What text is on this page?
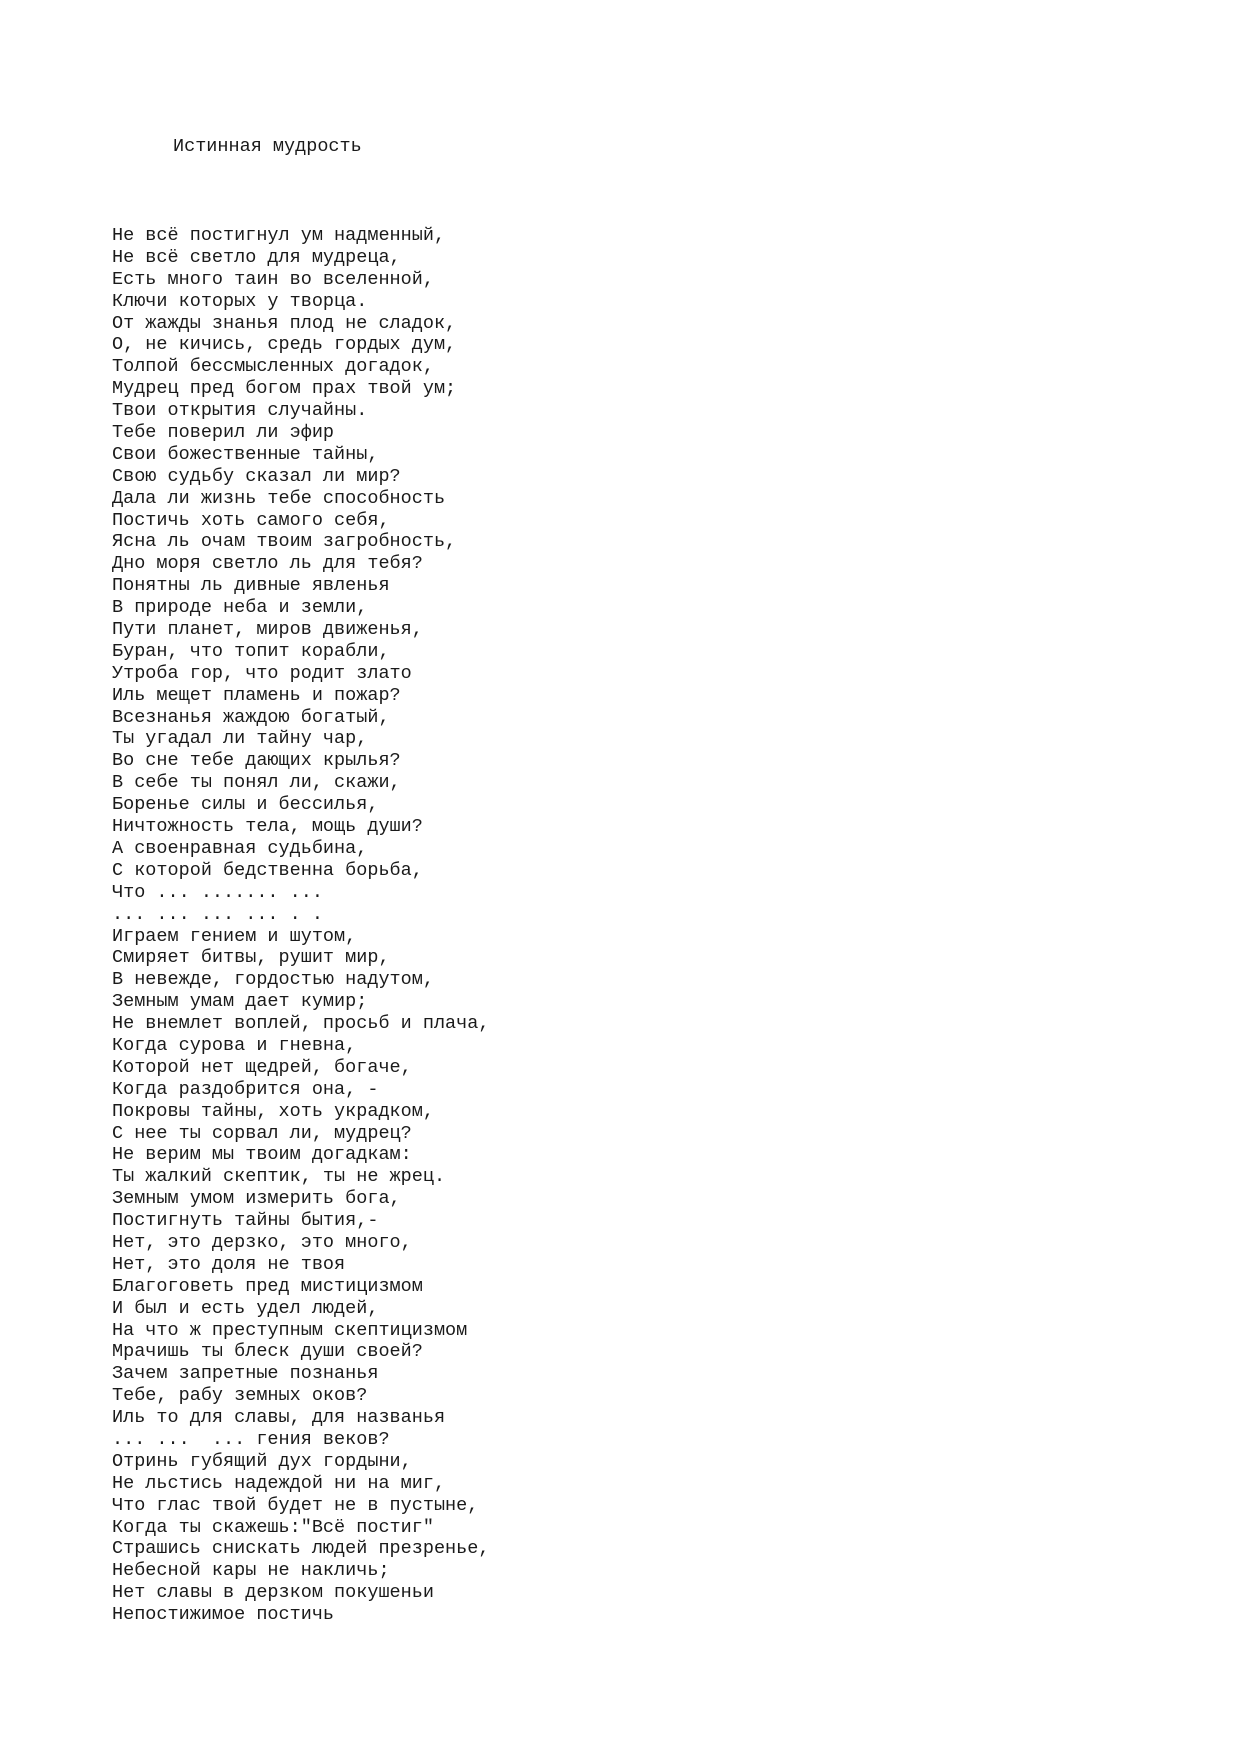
Истинная мудрость
Не всё постигнул ум надменный,
Не всё светло для мудреца,
Есть много таин во вселенной,
Ключи которых у творца.
От жажды знанья плод не сладок,
О, не кичись, средь гордых дум,
Толпой бессмысленных догадок,
Мудрец пред богом прах твой ум;
Твои открытия случайны.
Тебе поверил ли эфир
Свои божественные тайны,
Свою судьбу сказал ли мир?
Дала ли жизнь тебе способность
Постичь хоть самого себя,
Ясна ль очам твоим загробность,
Дно моря светло ль для тебя?
Понятны ль дивные явленья
В природе неба и земли,
Пути планет, миров движенья,
Буран, что топит корабли,
Утроба гор, что родит злато
Иль мещет пламень и пожар?
Всезнанья жаждою богатый,
Ты угадал ли тайну чар,
Во сне тебе дающих крылья?
В себе ты понял ли, скажи,
Боренье силы и бессилья,
Ничтожность тела, мощь души?
А своенравная судьбина,
С которой бедственна борьба,
Что ... ....... ...
... ... ... ... . .
Играем гением и шутом,
Смиряет битвы, рушит мир,
В невежде, гордостью надутом,
Земным умам дает кумир;
Не внемлет воплей, просьб и плача,
Когда сурова и гневна,
Которой нет щедрей, богаче,
Когда раздобрится она, -
Покровы тайны, хоть украдком,
С нее ты сорвал ли, мудрец?
Не верим мы твоим догадкам:
Ты жалкий скептик, ты не жрец.
Земным умом измерить бога,
Постигнуть тайны бытия,-
Нет, это дерзко, это много,
Нет, это доля не твоя
Благоговеть пред мистицизмом
И был и есть удел людей,
На что ж преступным скептицизмом
Мрачишь ты блеск души своей?
Зачем запретные познанья
Тебе, рабу земных оков?
Иль то для славы, для названья
... ...  ... гения веков?
Отринь губящий дух гордыни,
Не льстись надеждой ни на миг,
Что глас твой будет не в пустыне,
Когда ты скажешь:"Всё постиг"
Страшись снискать людей презренье,
Небесной кары не накличь;
Нет славы в дерзком покушеньи
Непостижимое постичь
